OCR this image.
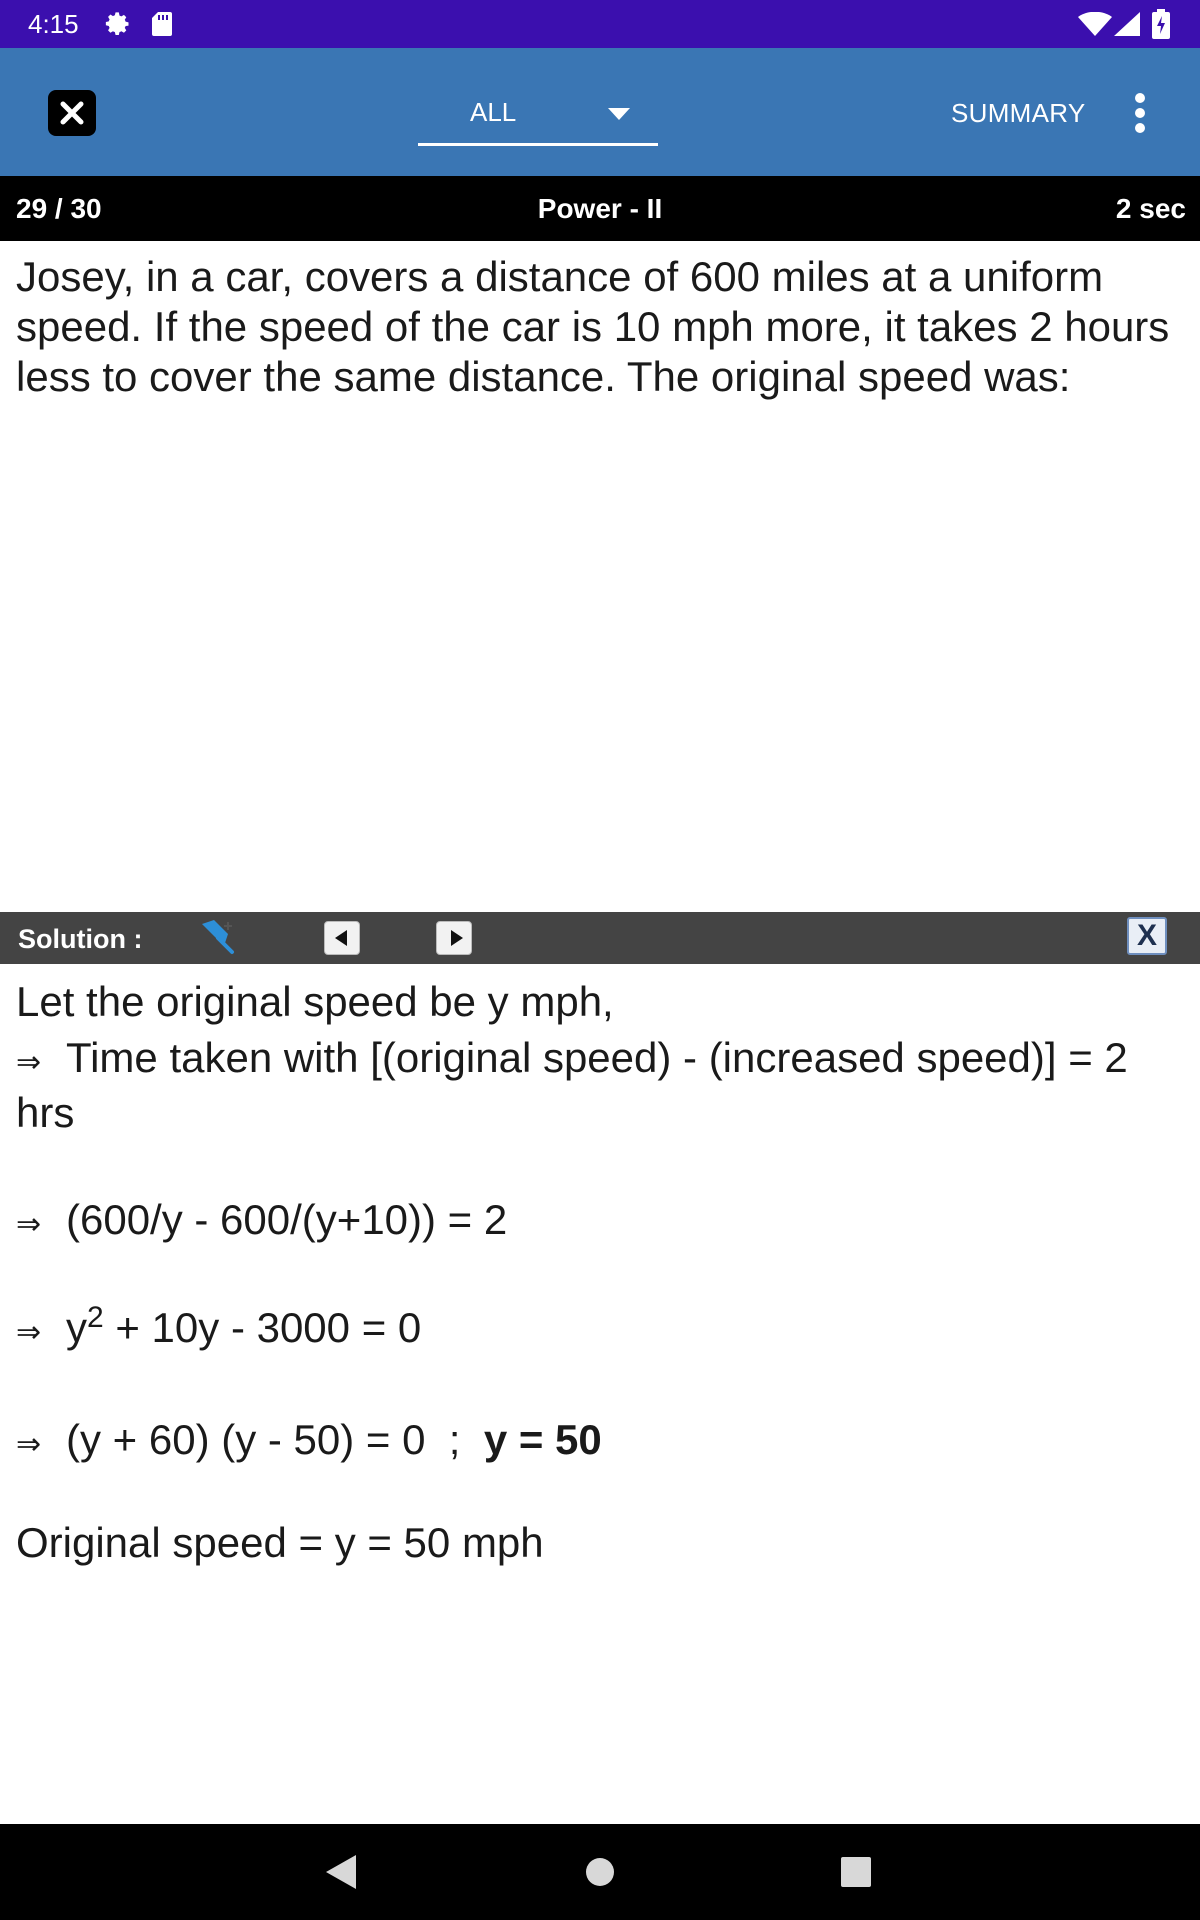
4:15
ALL	SUMMARY
29 / 30	Power - II	2 sec
Josey, in a car, covers a distance of 600 miles at a uniform speed. If the speed of the car is 10 mph more, it takes 2 hours less to cover the same distance. The original speed was:
Solution :	X
Let the original speed be y mph,
⇒ Time taken with [(original speed) - (increased speed)] = 2 hrs
⇒ (600/y - 600/(y+10)) = 2
⇒ $y^2 + 10y - 3000 = 0$
⇒ (y + 60) (y - 50) = 0  ;  y = 50
Original speed = y = 50 mph
